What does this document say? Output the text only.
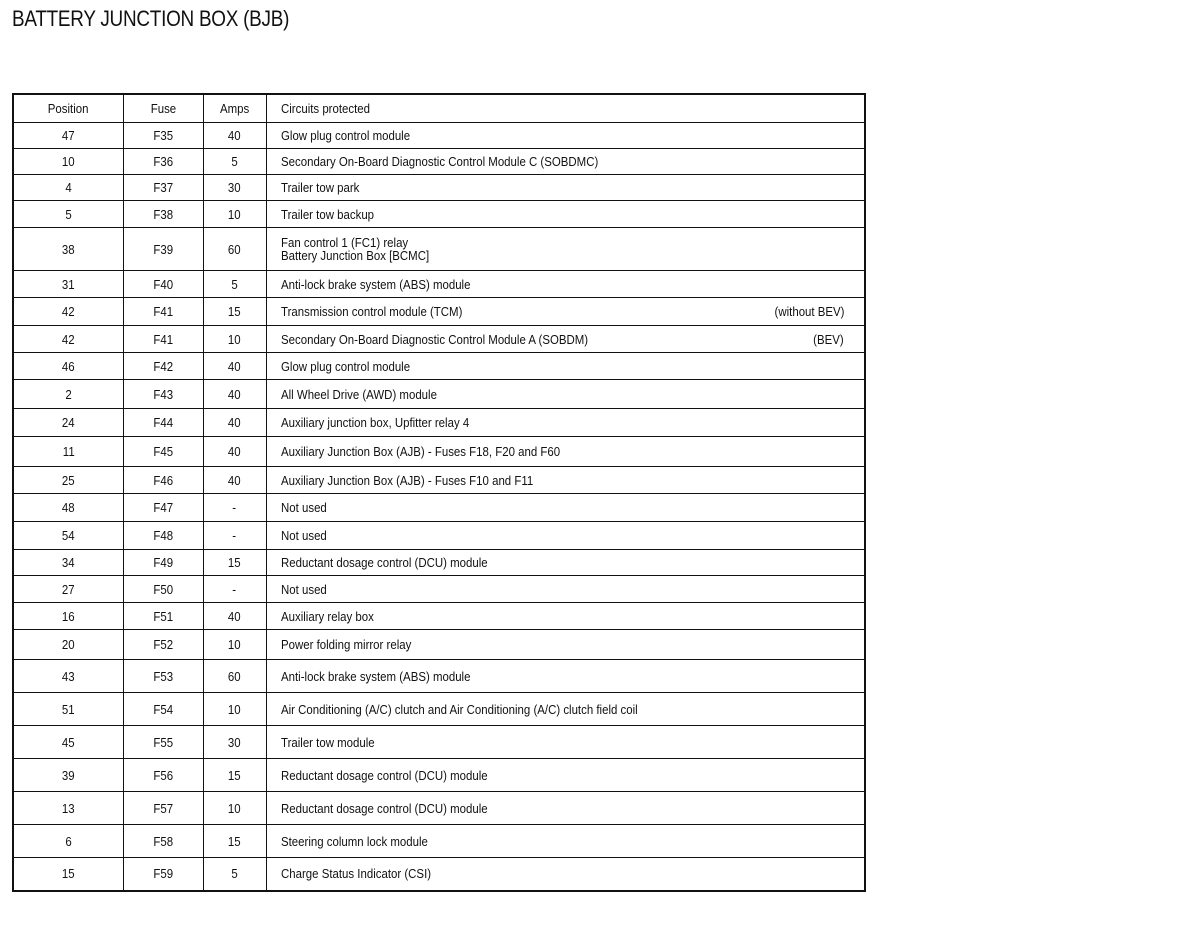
BATTERY JUNCTION BOX (BJB)
Position	Fuse	Amps	Circuits protected
47	F35	40	Glow plug control module

10	F36	5	Secondary On-Board Diagnostic Control Module C (SOBDMC)

4	F37	30	Trailer tow park

5	F38	10	Trailer tow backup

38	F39	60	Fan control 1 (FC1) relay
Battery Junction Box [BCMC]

31	F40	5	Anti-lock brake system (ABS) module

42	F41	15	Transmission control module (TCM) (without BEV)

42	F41	10	Secondary On-Board Diagnostic Control Module A (SOBDM) (BEV)

46	F42	40	Glow plug control module

2	F43	40	All Wheel Drive (AWD) module

24	F44	40	Auxiliary junction box, Upfitter relay 4

11	F45	40	Auxiliary Junction Box (AJB) - Fuses F18, F20 and F60

25	F46	40	Auxiliary Junction Box (AJB) - Fuses F10 and F11

48	F47	-	Not used

54	F48	-	Not used

34	F49	15	Reductant dosage control (DCU) module

27	F50	-	Not used

16	F51	40	Auxiliary relay box

20	F52	10	Power folding mirror relay

43	F53	60	Anti-lock brake system (ABS) module

51	F54	10	Air Conditioning (A/C) clutch and Air Conditioning (A/C) clutch field coil

45	F55	30	Trailer tow module

39	F56	15	Reductant dosage control (DCU) module

13	F57	10	Reductant dosage control (DCU) module

6	F58	15	Steering column lock module

15	F59	5	Charge Status Indicator (CSI)
